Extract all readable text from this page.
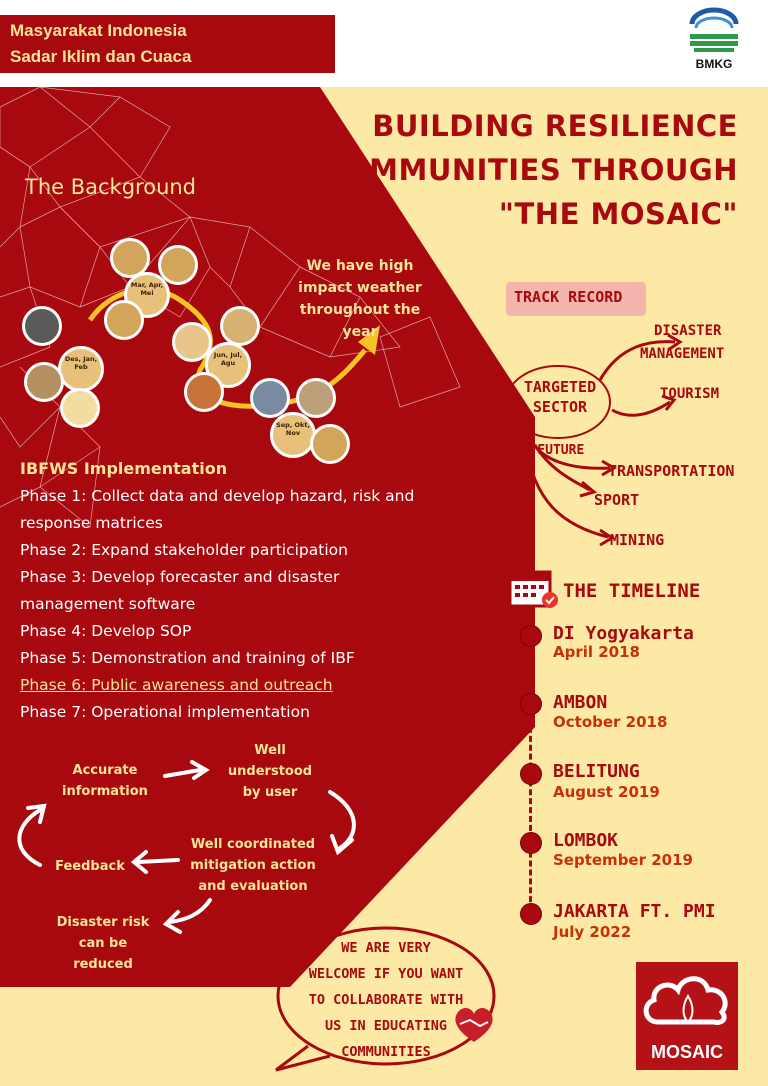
Masyarakat Indonesia
Sadar Iklim dan Cuaca	BMKG
BUILDING RESILIENCE
COMMUNITIES THROUGH
"THE MOSAIC"
The Background
Mar, Apr, Mei
Des, Jan, Feb
Jun, Jul, Agu
Sep, Okt, Nov
We have high
impact weather
throughout the
year
IBFWS Implementation
Phase 1: Collect data and develop hazard, risk and
response matrices
Phase 2: Expand stakeholder participation
Phase 3: Develop forecaster and disaster
management software
Phase 4: Develop SOP
Phase 5: Demonstration and training of IBF
Phase 6: Public awareness and outreach
Phase 7: Operational implementation
Accurate
information
Well
understood
by user
Well coordinated
mitigation action
and evaluation
Feedback
Disaster risk
can be
reduced
TRACK RECORD
TARGETED
SECTOR
THE FUTURE
DISASTER
MANAGEMENT
TOURISM
TRANSPORTATION
SPORT
MINING
THE TIMELINE
DI Yogyakarta
April 2018
AMBON
October 2018
BELITUNG
August 2019
LOMBOK
September 2019
JAKARTA FT. PMI
July 2022
WE ARE VERY
WELCOME IF YOU WANT
TO COLLABORATE WITH
US IN EDUCATING
COMMUNITIES	MOSAIC
